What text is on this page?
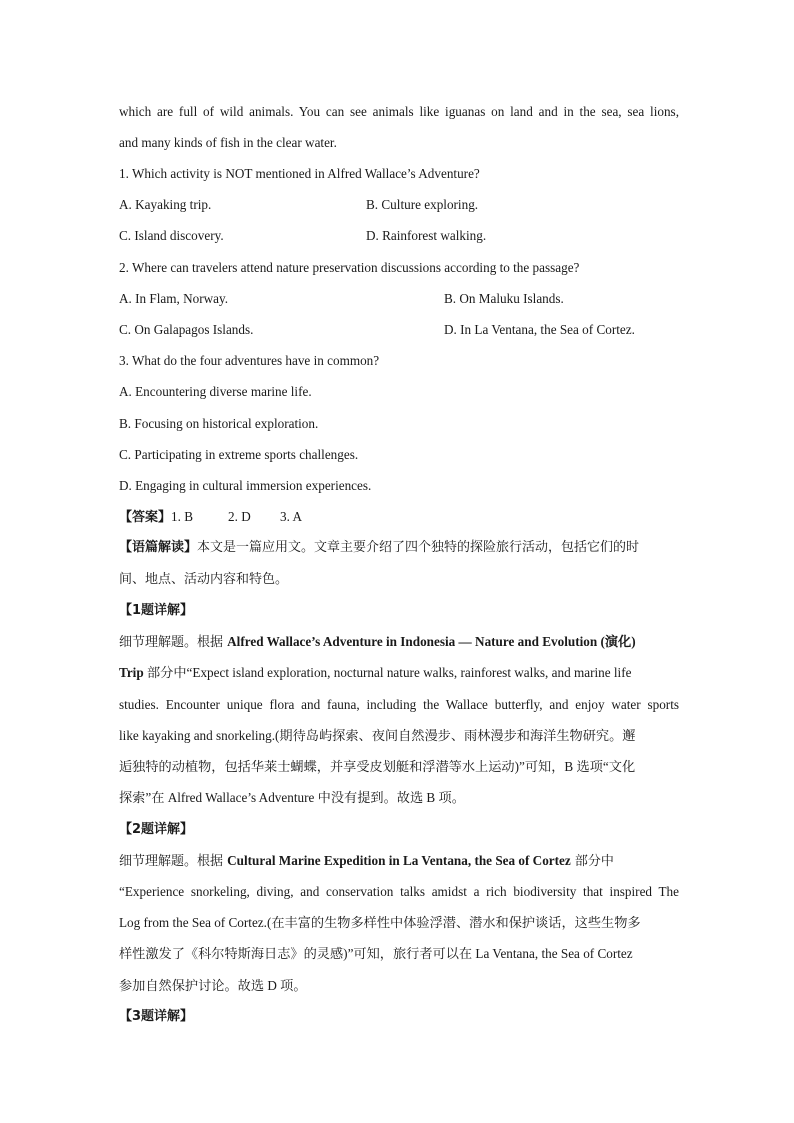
which are full of wild animals. You can see animals like iguanas on land and in the sea, sea lions,
and many kinds of fish in the clear water.
1. Which activity is NOT mentioned in Alfred Wallace’s Adventure?
A. Kayaking trip.	B. Culture exploring.
C. Island discovery.	D. Rainforest walking.
2. Where can travelers attend nature preservation discussions according to the passage?
A. In Flam, Norway.	B. On Maluku Islands.
C. On Galapagos Islands.	D. In La Ventana, the Sea of Cortez.
3. What do the four adventures have in common?
A. Encountering diverse marine life.
B. Focusing on historical exploration.
C. Participating in extreme sports challenges.
D. Engaging in cultural immersion experiences.
【答案】1. B	2. D 3. A
【语篇解读】本文是一篇应用文。文章主要介绍了四个独特的探险旅行活动，包括它们的时
间、地点、活动内容和特色。
【1题详解】
细节理解题。根据 Alfred Wallace’s Adventure in Indonesia — Nature and Evolution (演化)
Trip 部分中“Expect island exploration, nocturnal nature walks, rainforest walks, and marine life
studies. Encounter unique flora and fauna, including the Wallace butterfly, and enjoy water sports
like kayaking and snorkeling.(期待岛屿探索、夜间自然漫步、雨林漫步和海洋生物研究。邂
逅独特的动植物，包括华莱士蝴蝶，并享受皮划艇和浮潜等水上运动)”可知，B 选项“文化
探索”在 Alfred Wallace’s Adventure 中没有提到。故选 B 项。
【2题详解】
细节理解题。根据 Cultural Marine Expedition in La Ventana, the Sea of Cortez 部分中
“Experience snorkeling, diving, and conservation talks amidst a rich biodiversity that inspired The
Log from the Sea of Cortez.(在丰富的生物多样性中体验浮潜、潜水和保护谈话，这些生物多
样性激发了《科尔特斯海日志》的灵感)”可知，旅行者可以在 La Ventana, the Sea of Cortez
参加自然保护讨论。故选 D 项。
【3题详解】
